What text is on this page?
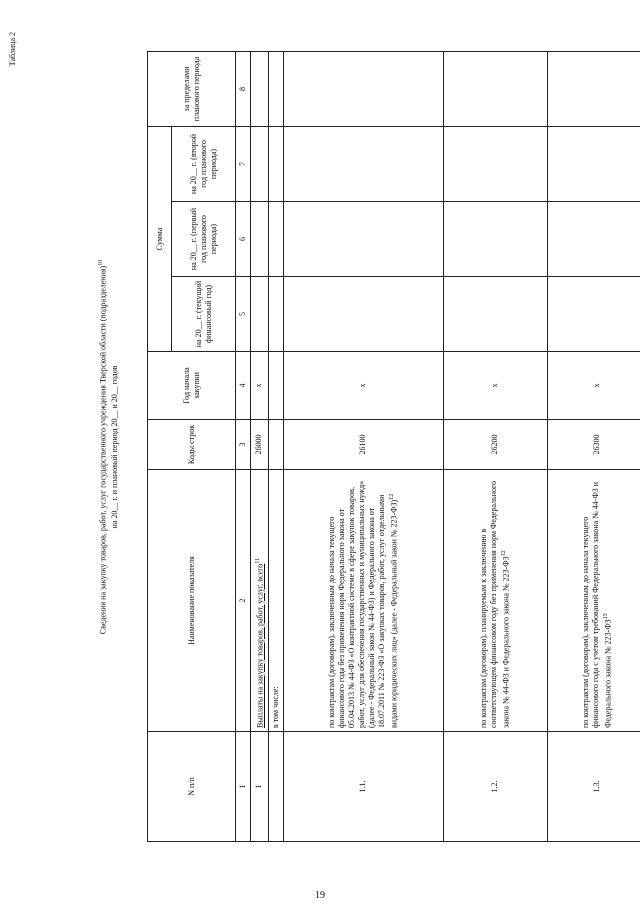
19
Таблица 2
Сведения на закупку товаров, работ, услуг государственного учреждения Тверской области (подразделения)$^{10}$
на 20__ г. и плановый период 20__ и 20__ годов
N п/п	Наименование показателя	Коды строк	Год начала закупки	Сумма			за пределами планового периода
				на 20__ г. (текущий финансовый год)	на 20__ г. (первый год планового периода)	на 20__ г. (второй год планового периода)	
1	2	3	4	5	6	7	8
1	Выплаты на закупку товаров, работ, услуг, всего$^{11}$	26000	x				
	в том числе:						
1.1.	по контрактам (договорам), заключенным до начала текущего финансового года без применения норм Федерального закона от 05.04.2013 № 44-ФЗ «О контрактной системе в сфере закупок товаров, работ, услуг для обеспечения государственных и муниципальных нужд» (далее - Федеральный закон № 44-ФЗ) и Федерального закона от 18.07.2011 № 223-ФЗ «О закупках товаров, работ, услуг отдельными видами юридических лиц» (далее - Федеральный закон № 223-ФЗ)$^{12}$	26100	x				
1.2.	по контрактам (договорам), планируемым к заключению в соответствующем финансовом году без применения норм Федерального закона № 44-ФЗ и Федерального закона № 223-ФЗ$^{12}$	26200	x				
1.3.	по контрактам (договорам), заключенным до начала текущего финансового года с учетом требований Федерального закона № 44-ФЗ и Федерального закона № 223-ФЗ$^{13}$	26300	x				
